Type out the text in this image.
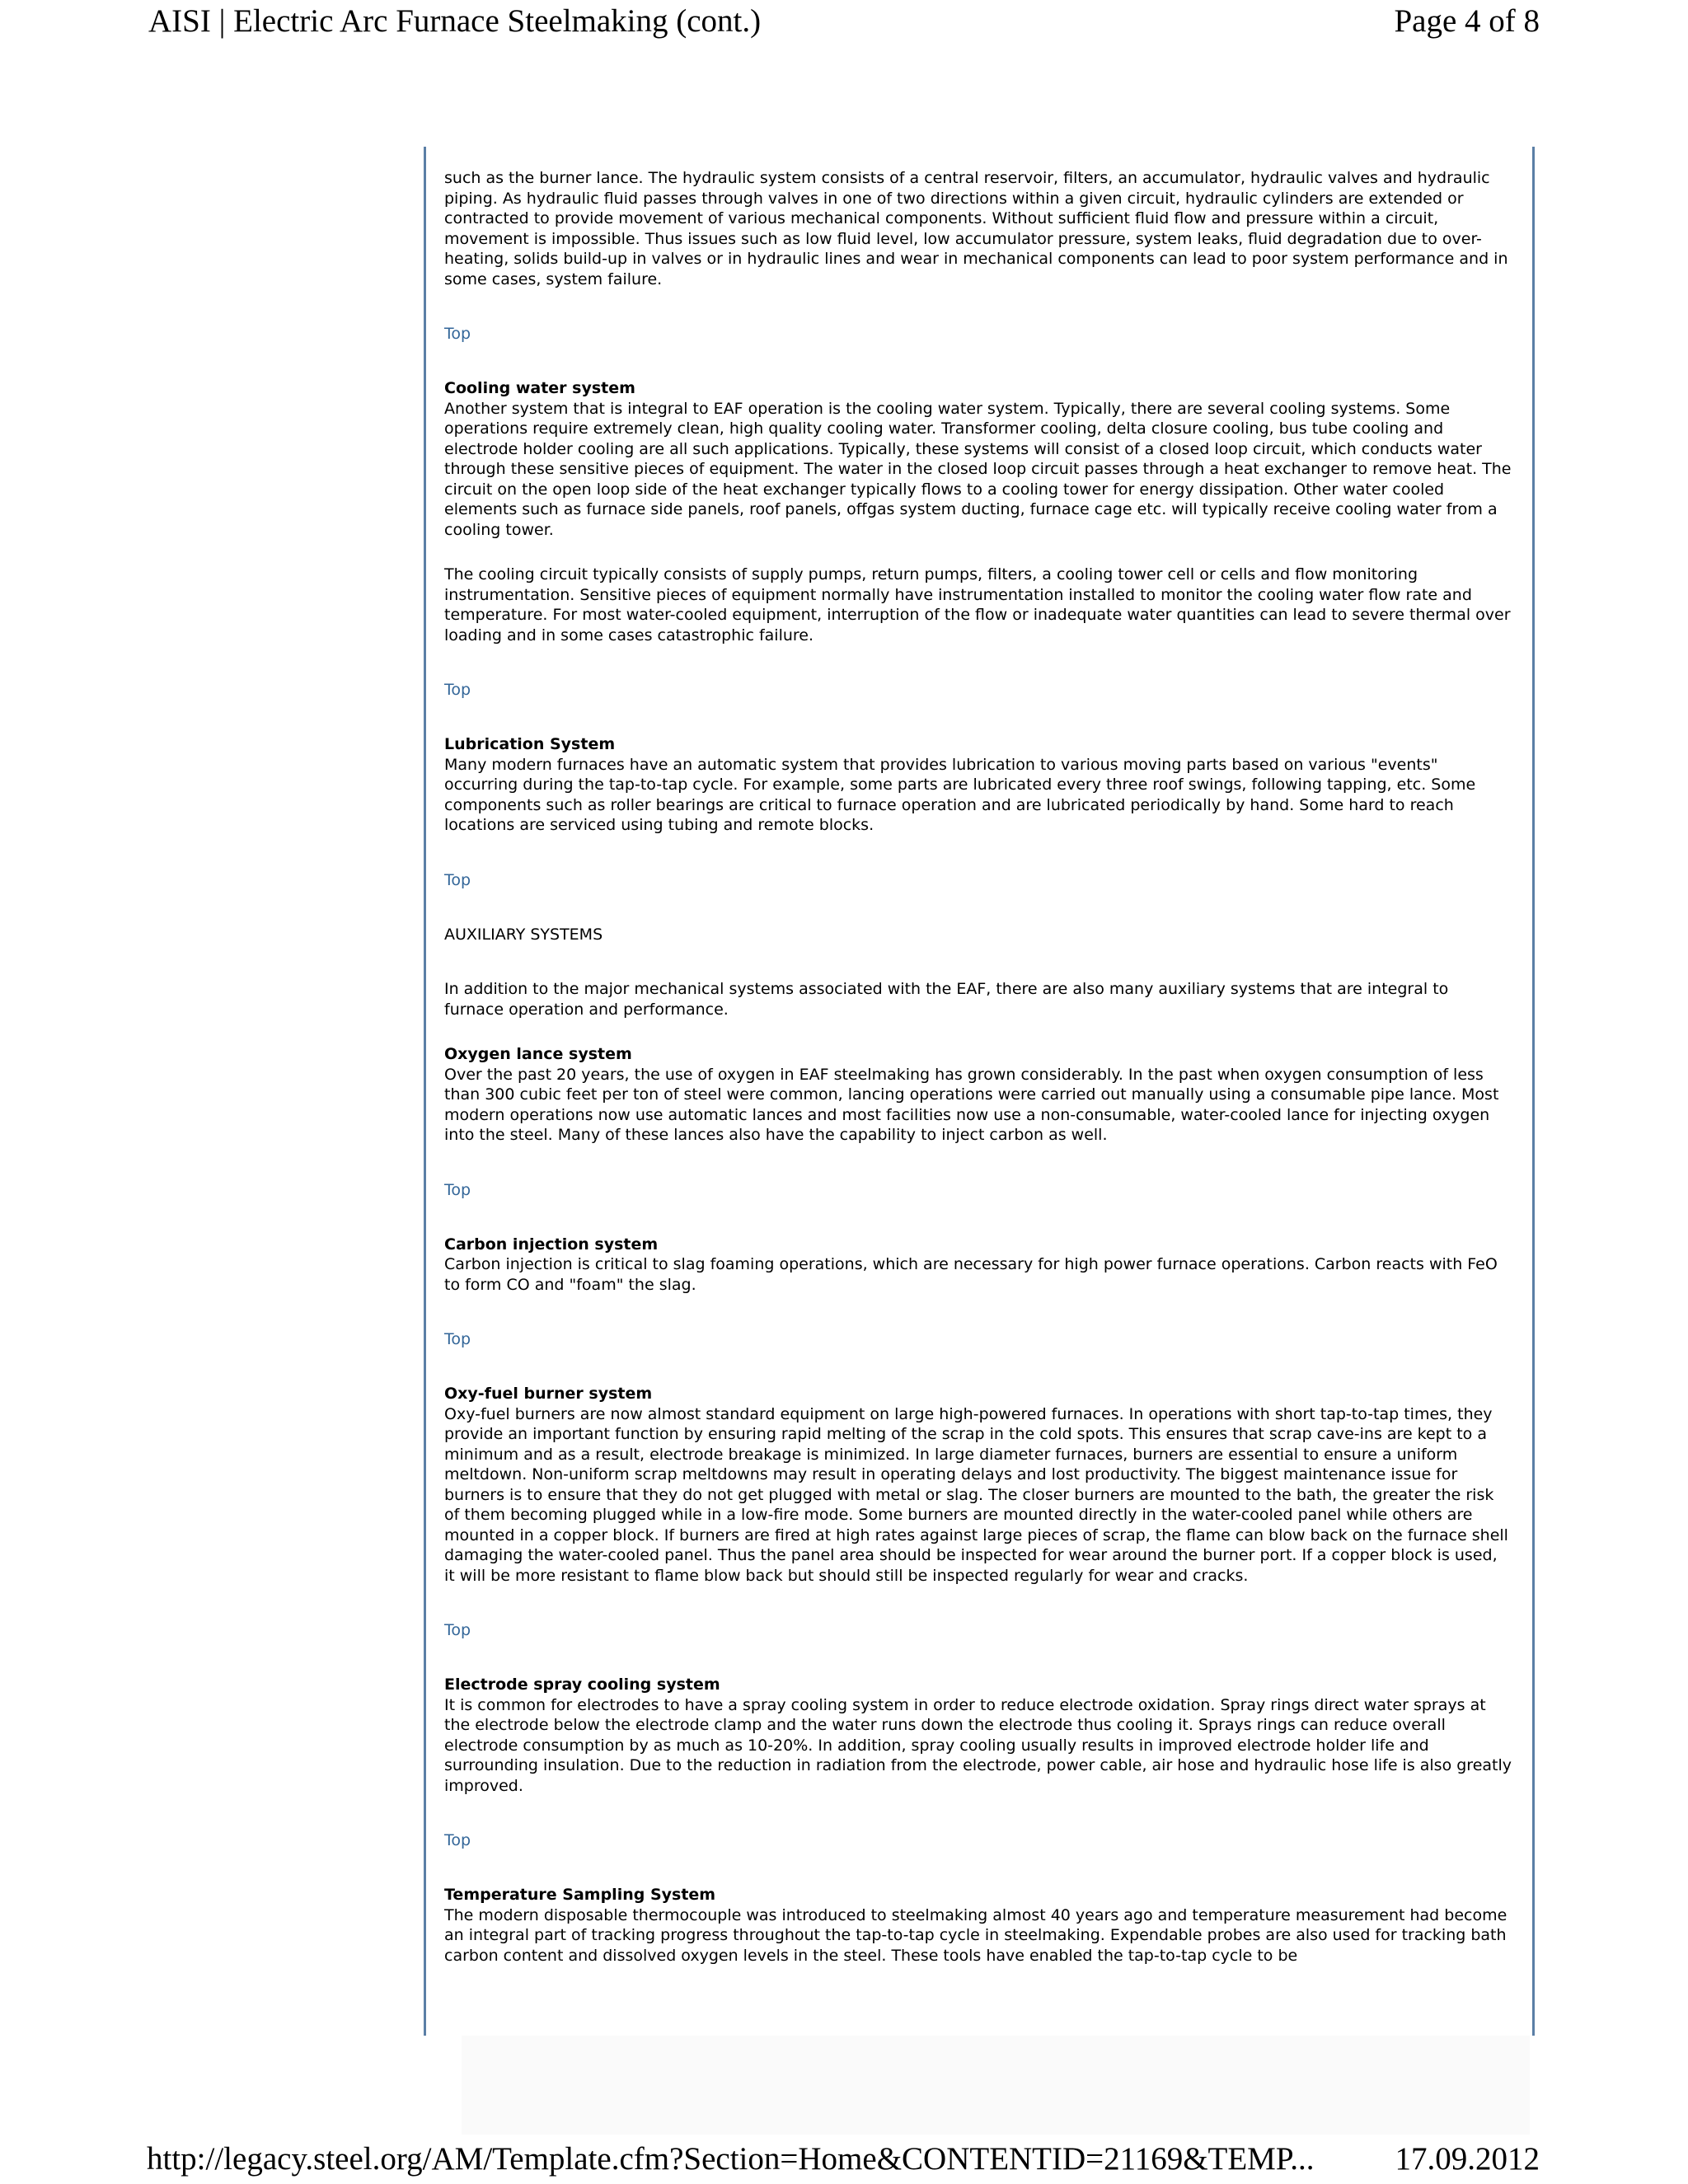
AISI | Electric Arc Furnace Steelmaking (cont.)	Page 4 of 8

such as the burner lance. The hydraulic system consists of a central reservoir, filters, an accumulator, hydraulic valves and hydraulic piping. As hydraulic fluid passes through valves in one of two directions within a given circuit, hydraulic cylinders are extended or contracted to provide movement of various mechanical components. Without sufficient fluid flow and pressure within a circuit, movement is impossible. Thus issues such as low fluid level, low accumulator pressure, system leaks, fluid degradation due to over-heating, solids build-up in valves or in hydraulic lines and wear in mechanical components can lead to poor system performance and in some cases, system failure.

Top
Cooling water system

Another system that is integral to EAF operation is the cooling water system. Typically, there are several cooling systems. Some operations require extremely clean, high quality cooling water. Transformer cooling, delta closure cooling, bus tube cooling and electrode holder cooling are all such applications. Typically, these systems will consist of a closed loop circuit, which conducts water through these sensitive pieces of equipment. The water in the closed loop circuit passes through a heat exchanger to remove heat. The circuit on the open loop side of the heat exchanger typically flows to a cooling tower for energy dissipation. Other water cooled elements such as furnace side panels, roof panels, offgas system ducting, furnace cage etc. will typically receive cooling water from a cooling tower.

The cooling circuit typically consists of supply pumps, return pumps, filters, a cooling tower cell or cells and flow monitoring instrumentation. Sensitive pieces of equipment normally have instrumentation installed to monitor the cooling water flow rate and temperature. For most water-cooled equipment, interruption of the flow or inadequate water quantities can lead to severe thermal over loading and in some cases catastrophic failure.

Top
Lubrication System

Many modern furnaces have an automatic system that provides lubrication to various moving parts based on various "events" occurring during the tap-to-tap cycle. For example, some parts are lubricated every three roof swings, following tapping, etc. Some components such as roller bearings are critical to furnace operation and are lubricated periodically by hand. Some hard to reach locations are serviced using tubing and remote blocks.

Top

AUXILIARY SYSTEMS

In addition to the major mechanical systems associated with the EAF, there are also many auxiliary systems that are integral to furnace operation and performance.

Oxygen lance system

Over the past 20 years, the use of oxygen in EAF steelmaking has grown considerably. In the past when oxygen consumption of less than 300 cubic feet per ton of steel were common, lancing operations were carried out manually using a consumable pipe lance. Most modern operations now use automatic lances and most facilities now use a non-consumable, water-cooled lance for injecting oxygen into the steel. Many of these lances also have the capability to inject carbon as well.

Top
Carbon injection system

Carbon injection is critical to slag foaming operations, which are necessary for high power furnace operations. Carbon reacts with FeO to form CO and "foam" the slag.

Top
Oxy-fuel burner system

Oxy-fuel burners are now almost standard equipment on large high-powered furnaces. In operations with short tap-to-tap times, they provide an important function by ensuring rapid melting of the scrap in the cold spots. This ensures that scrap cave-ins are kept to a minimum and as a result, electrode breakage is minimized. In large diameter furnaces, burners are essential to ensure a uniform meltdown. Non-uniform scrap meltdowns may result in operating delays and lost productivity. The biggest maintenance issue for burners is to ensure that they do not get plugged with metal or slag. The closer burners are mounted to the bath, the greater the risk of them becoming plugged while in a low-fire mode. Some burners are mounted directly in the water-cooled panel while others are mounted in a copper block. If burners are fired at high rates against large pieces of scrap, the flame can blow back on the furnace shell damaging the water-cooled panel. Thus the panel area should be inspected for wear around the burner port. If a copper block is used, it will be more resistant to flame blow back but should still be inspected regularly for wear and cracks.

Top
Electrode spray cooling system

It is common for electrodes to have a spray cooling system in order to reduce electrode oxidation. Spray rings direct water sprays at the electrode below the electrode clamp and the water runs down the electrode thus cooling it. Sprays rings can reduce overall electrode consumption by as much as 10-20%. In addition, spray cooling usually results in improved electrode holder life and surrounding insulation. Due to the reduction in radiation from the electrode, power cable, air hose and hydraulic hose life is also greatly improved.

Top
Temperature Sampling System

The modern disposable thermocouple was introduced to steelmaking almost 40 years ago and temperature measurement had become an integral part of tracking progress throughout the tap-to-tap cycle in steelmaking. Expendable probes are also used for tracking bath carbon content and dissolved oxygen levels in the steel. These tools have enabled the tap-to-tap cycle to be

http://legacy.steel.org/AM/Template.cfm?Section=Home&CONTENTID=21169&TEMP...	17.09.2012
